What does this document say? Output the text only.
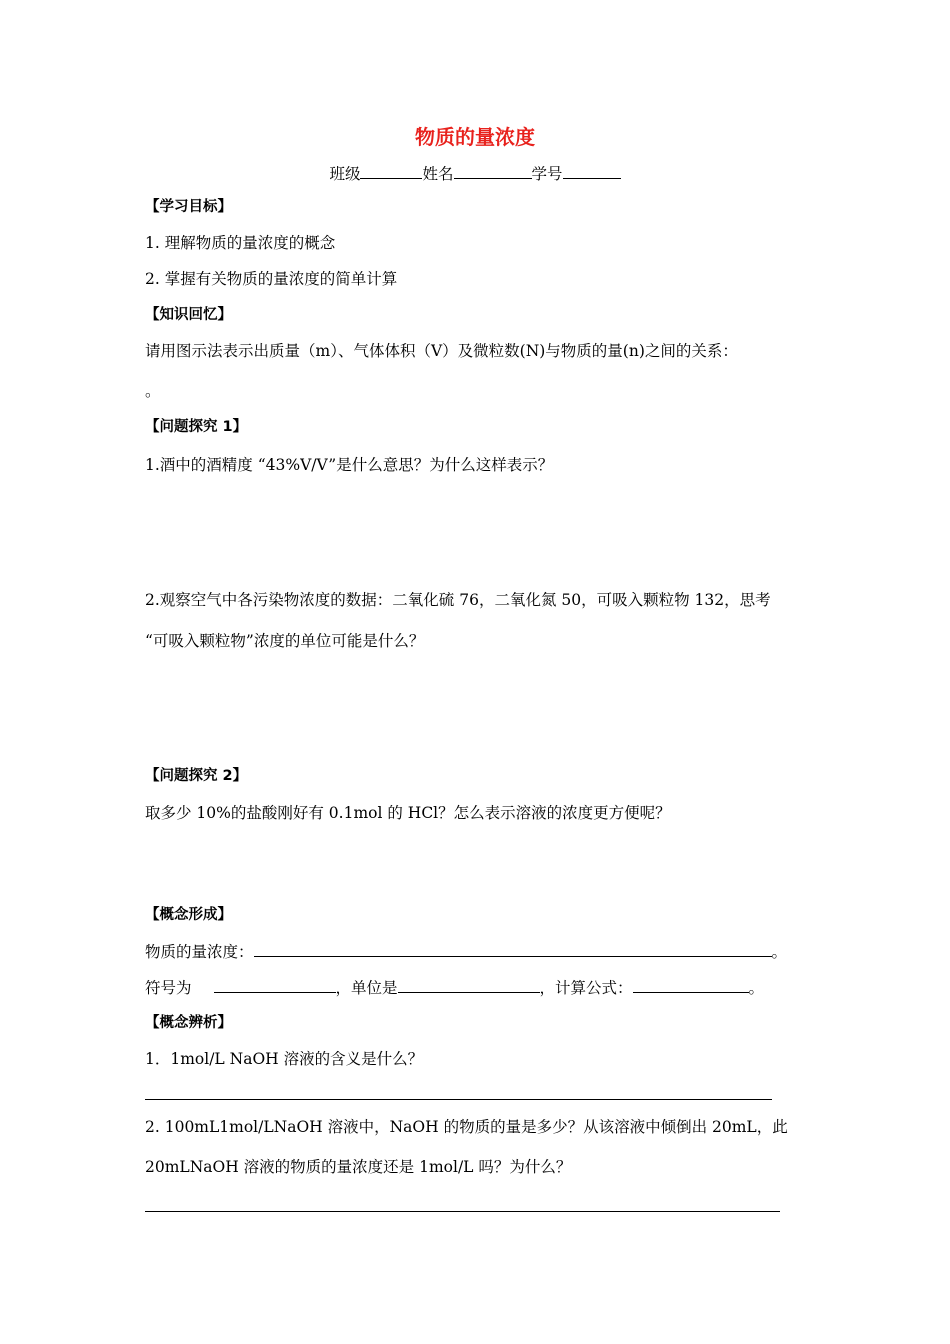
物质的量浓度
班级	姓名	学号
【学习目标】
1. 理解物质的量浓度的概念
2. 掌握有关物质的量浓度的简单计算
【知识回忆】
请用图示法表示出质量（m）、气体体积（V）及微粒数(N)与物质的量(n)之间的关系：
。
【问题探究 1】
1.酒中的酒精度 “43%V/V”是什么意思？为什么这样表示？
2.观察空气中各污染物浓度的数据：二氧化硫 76，二氧化氮 50，可吸入颗粒物 132，思考
“可吸入颗粒物”浓度的单位可能是什么？
【问题探究 2】
取多少 10%的盐酸刚好有 0.1mol 的 HCl？怎么表示溶液的浓度更方便呢？
【概念形成】
物质的量浓度：	。
符号为	，单位是	，计算公式：	。
【概念辨析】
1．1mol/L NaOH 溶液的含义是什么？
2. 100mL1mol/LNaOH 溶液中，NaOH 的物质的量是多少？从该溶液中倾倒出 20mL，此
20mLNaOH 溶液的物质的量浓度还是 1mol/L 吗？为什么？
